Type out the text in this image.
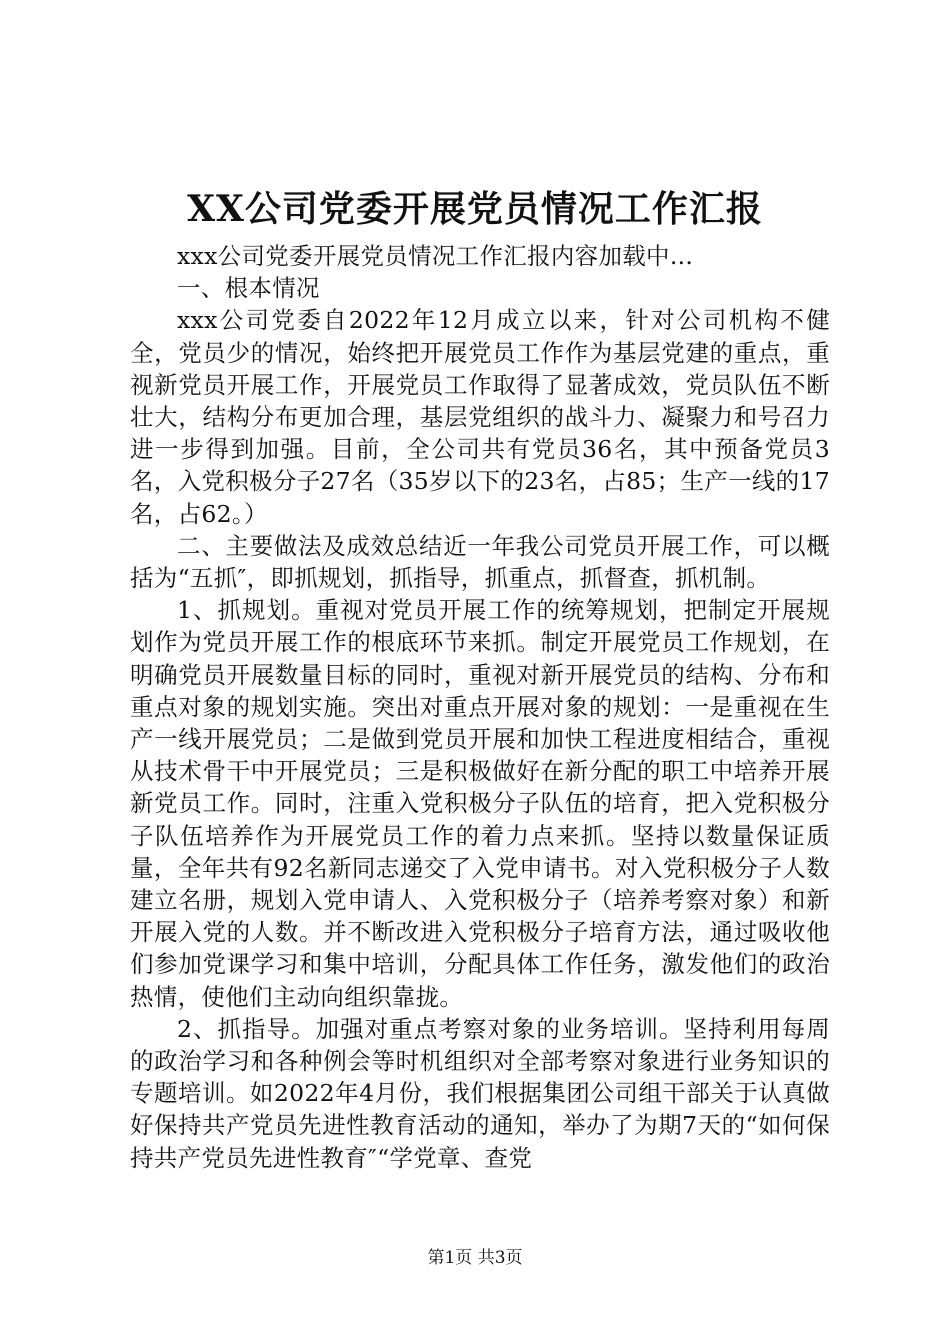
XX公司党委开展党员情况工作汇报

xxx公司党委开展党员情况工作汇报内容加载中...

一、根本情况

xxx公司党委自2022年12月成立以来，针对公司机构不健全，党员少的情况，始终把开展党员工作作为基层党建的重点，重视新党员开展工作，开展党员工作取得了显著成效，党员队伍不断壮大，结构分布更加合理，基层党组织的战斗力、凝聚力和号召力进一步得到加强。目前，全公司共有党员36名，其中预备党员3名，入党积极分子27名（35岁以下的23名，占85；生产一线的17名，占62。）

二、主要做法及成效总结近一年我公司党员开展工作，可以概括为“五抓″，即抓规划，抓指导，抓重点，抓督查，抓机制。

1、抓规划。重视对党员开展工作的统筹规划，把制定开展规划作为党员开展工作的根底环节来抓。制定开展党员工作规划，在明确党员开展数量目标的同时，重视对新开展党员的结构、分布和重点对象的规划实施。突出对重点开展对象的规划：一是重视在生产一线开展党员；二是做到党员开展和加快工程进度相结合，重视从技术骨干中开展党员；三是积极做好在新分配的职工中培养开展新党员工作。同时，注重入党积极分子队伍的培育，把入党积极分子队伍培养作为开展党员工作的着力点来抓。坚持以数量保证质量，全年共有92名新同志递交了入党申请书。对入党积极分子人数建立名册，规划入党申请人、入党积极分子（培养考察对象）和新开展入党的人数。并不断改进入党积极分子培育方法，通过吸收他们参加党课学习和集中培训，分配具体工作任务，激发他们的政治热情，使他们主动向组织靠拢。

2、抓指导。加强对重点考察对象的业务培训。坚持利用每周的政治学习和各种例会等时机组织对全部考察对象进行业务知识的专题培训。如2022年4月份，我们根据集团公司组干部关于认真做好保持共产党员先进性教育活动的通知，举办了为期7天的“如何保持共产党员先进性教育″“学党章、查党

第1页 共3页
